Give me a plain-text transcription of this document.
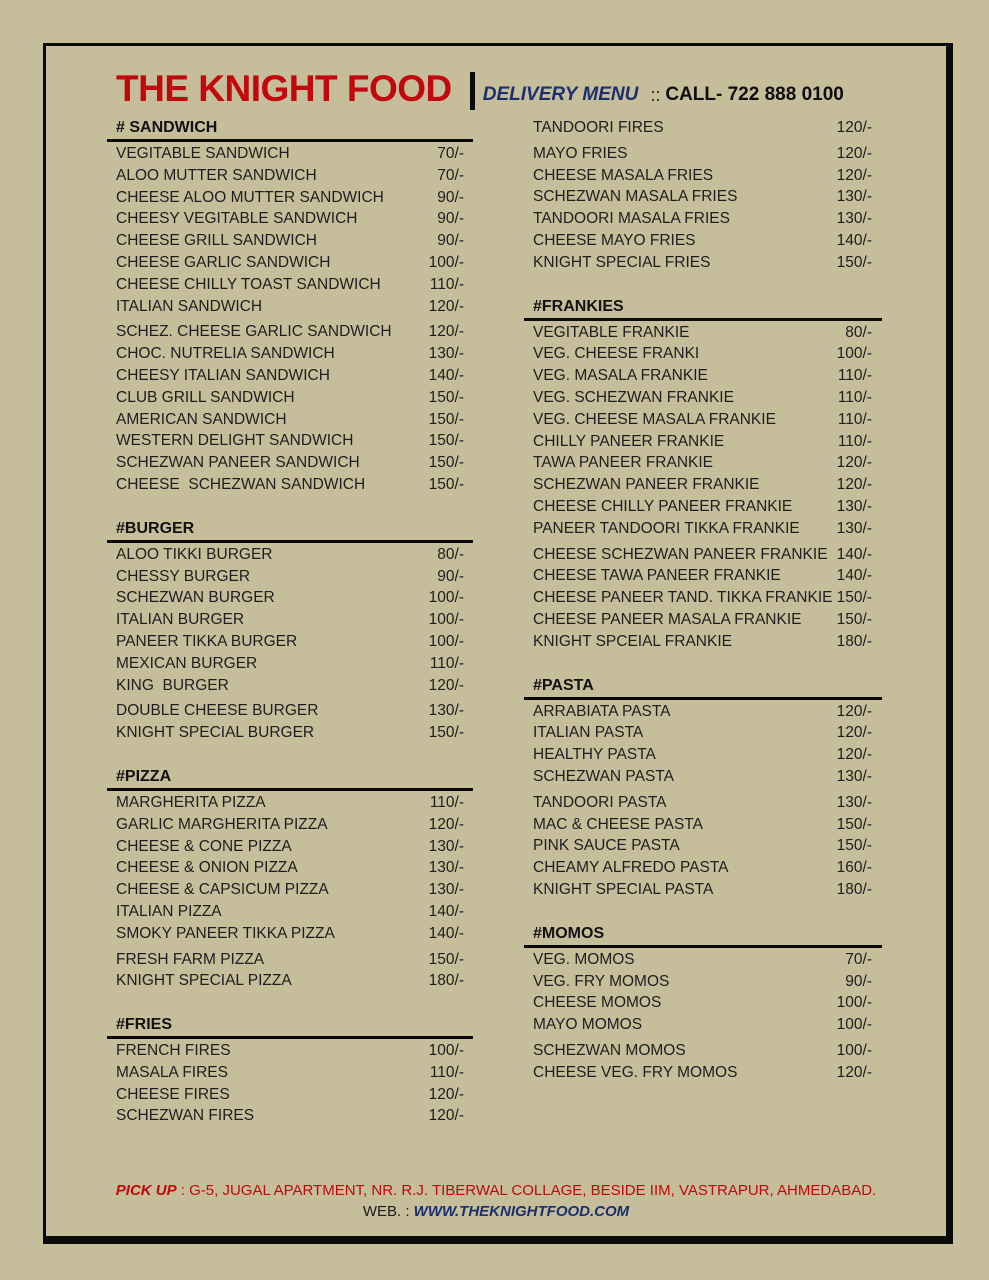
THE KNIGHT FOOD DELIVERY MENU :: CALL- 722 888 0100
# SANDWICH
VEGITABLE SANDWICH	70/-
ALOO MUTTER SANDWICH	70/-
CHEESE ALOO MUTTER SANDWICH	90/-
CHEESY VEGITABLE SANDWICH	90/-
CHEESE GRILL SANDWICH	90/-
CHEESE GARLIC SANDWICH	100/-
CHEESE CHILLY TOAST SANDWICH	110/-
ITALIAN SANDWICH	120/-
SCHEZ. CHEESE GARLIC SANDWICH 120/-
CHOC. NUTRELIA SANDWICH	130/-
CHEESY ITALIAN SANDWICH	140/-
CLUB GRILL SANDWICH	150/-
AMERICAN SANDWICH	150/-
WESTERN DELIGHT SANDWICH	150/-
SCHEZWAN PANEER SANDWICH	150/-
CHEESE  SCHEZWAN SANDWICH	150/-
#BURGER
ALOO TIKKI BURGER	80/-
CHESSY BURGER	90/-
SCHEZWAN BURGER	100/-
ITALIAN BURGER	100/-
PANEER TIKKA BURGER	100/-
MEXICAN BURGER	110/-
KING  BURGER	120/-
DOUBLE CHEESE BURGER	130/-
KNIGHT SPECIAL BURGER	150/-
#PIZZA
MARGHERITA PIZZA	110/-
GARLIC MARGHERITA PIZZA	120/-
CHEESE & CONE PIZZA	130/-
CHEESE & ONION PIZZA	130/-
CHEESE & CAPSICUM PIZZA	130/-
ITALIAN PIZZA	140/-
SMOKY PANEER TIKKA PIZZA	140/-
FRESH FARM PIZZA	150/-
KNIGHT SPECIAL PIZZA	180/-
#FRIES
FRENCH FIRES	100/-
MASALA FIRES	110/-
CHEESE FIRES	120/-
SCHEZWAN FIRES	120/-
TANDOORI FIRES	120/-
MAYO FRIES	120/-
CHEESE MASALA FRIES	120/-
SCHEZWAN MASALA FRIES	130/-
TANDOORI MASALA FRIES	130/-
CHEESE MAYO FRIES	140/-
KNIGHT SPECIAL FRIES	150/-
#FRANKIES
VEGITABLE FRANKIE	80/-
VEG. CHEESE FRANKI	100/-
VEG. MASALA FRANKIE	110/-
VEG. SCHEZWAN FRANKIE	110/-
VEG. CHEESE MASALA FRANKIE	110/-
CHILLY PANEER FRANKIE	110/-
TAWA PANEER FRANKIE	120/-
SCHEZWAN PANEER FRANKIE	120/-
CHEESE CHILLY PANEER FRANKIE	130/-
PANEER TANDOORI TIKKA FRANKIE 130/-
CHEESE SCHEZWAN PANEER FRANKIE 140/-
CHEESE TAWA PANEER FRANKIE	140/-
CHEESE PANEER TAND. TIKKA FRANKIE 150/-
CHEESE PANEER MASALA FRANKIE 150/-
KNIGHT SPCEIAL FRANKIE	180/-
#PASTA
ARRABIATA PASTA	120/-
ITALIAN PASTA	120/-
HEALTHY PASTA	120/-
SCHEZWAN PASTA	130/-
TANDOORI PASTA	130/-
MAC & CHEESE PASTA	150/-
PINK SAUCE PASTA	150/-
CHEAMY ALFREDO PASTA	160/-
KNIGHT SPECIAL PASTA	180/-
#MOMOS
VEG. MOMOS	70/-
VEG. FRY MOMOS	90/-
CHEESE MOMOS	100/-
MAYO MOMOS	100/-
SCHEZWAN MOMOS	100/-
CHEESE VEG. FRY MOMOS	120/-
PICK UP : G-5, JUGAL APARTMENT, NR. R.J. TIBERWAL COLLAGE, BESIDE IIM, VASTRAPUR, AHMEDABAD.
WEB. : WWW.THEKNIGHTFOOD.COM
